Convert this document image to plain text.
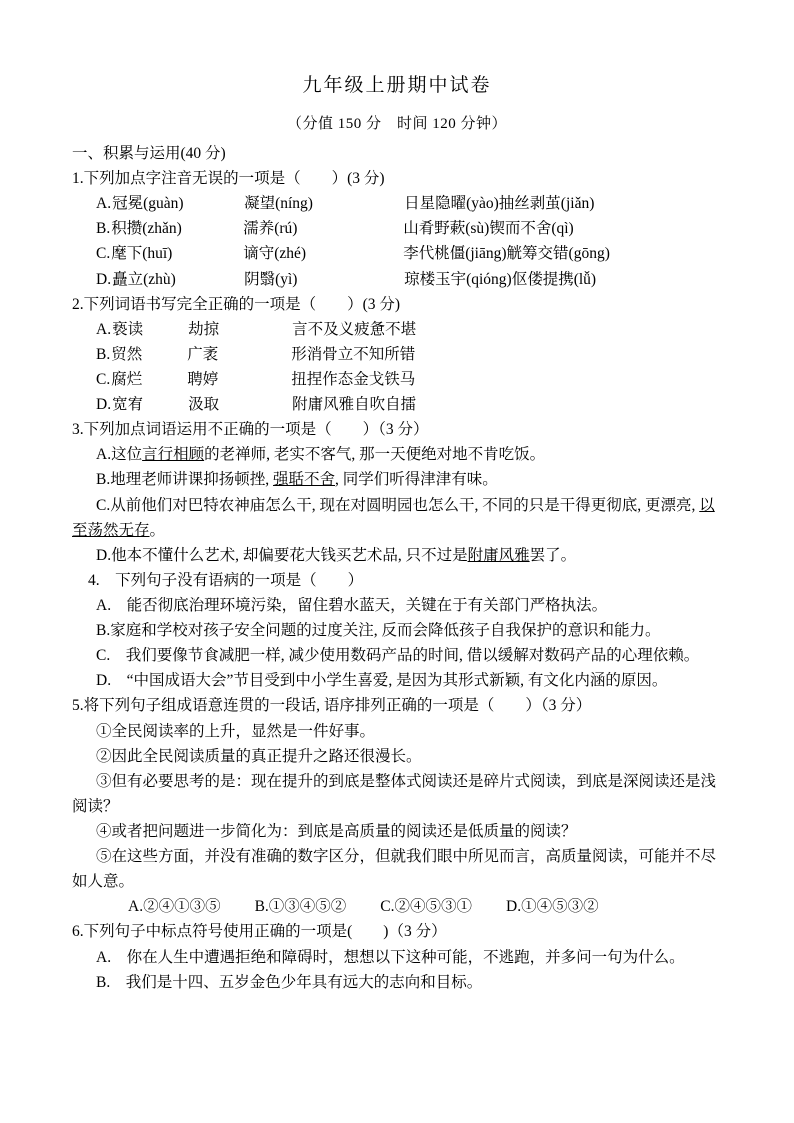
九年级上册期中试卷
（分值 150 分　时间 120 分钟）
一、积累与运用(40 分)
1.下列加点字注音无误的一项是（　　）(3 分)
A. 冠冕(guàn)	凝望(níng)	日星隐曜(yào) 抽丝剥茧(jiǎn)
B. 积攒(zhǎn)	濡养(rú)	山肴野蔌(sù) 锲而不舍(qì)
C. 麾下(huī)	谪守(zhé)	李代桃僵(jiāng) 觥筹交错(gōng)
D. 矗立(zhù)	阴翳(yì)	琼楼玉宇(qióng) 伛偻提携(lǚ)
2.下列词语书写完全正确的一项是（　　）(3 分)
A. 亵读	劫掠	言不及义 疲惫不堪
B. 贸然	广袤	形消骨立 不知所错
C. 腐烂	聘婷	扭捏作态 金戈铁马
D. 宽宥	汲取	附庸风雅 自吹自擂
3.下列加点词语运用不正确的一项是（　　）（3 分）
A.这位言行相顾的老禅师, 老实不客气, 那一天便绝对地不肯吃饭。
B.地理老师讲课抑扬顿挫, 强聒不舍, 同学们听得津津有味。
C.从前他们对巴特农神庙怎么干, 现在对圆明园也怎么干, 不同的只是干得更彻底, 更漂亮, 以至荡然无存。
D.他本不懂什么艺术, 却偏要花大钱买艺术品, 只不过是附庸风雅罢了。
4.　下列句子没有语病的一项是（　　）
A.　能否彻底治理环境污染，留住碧水蓝天，关键在于有关部门严格执法。
B.家庭和学校对孩子安全问题的过度关注, 反而会降低孩子自我保护的意识和能力。
C.　我们要像节食减肥一样, 减少使用数码产品的时间, 借以缓解对数码产品的心理依赖。
D.　“中国成语大会”节目受到中小学生喜爱, 是因为其形式新颖, 有文化内涵的原因。
5.将下列句子组成语意连贯的一段话, 语序排列正确的一项是（　　）（3 分）
①全民阅读率的上升，显然是一件好事。
②因此全民阅读质量的真正提升之路还很漫长。
③但有必要思考的是：现在提升的到底是整体式阅读还是碎片式阅读，到底是深阅读还是浅阅读？
④或者把问题进一步简化为：到底是高质量的阅读还是低质量的阅读？
⑤在这些方面，并没有准确的数字区分，但就我们眼中所见而言，高质量阅读，可能并不尽如人意。
A.②④①③⑤ B.①③④⑤② C.②④⑤③① D.①④⑤③②
6.下列句子中标点符号使用正确的一项是(　　)（3 分）
A.　你在人生中遭遇拒绝和障碍时，想想以下这种可能，不逃跑，并多问一句为什么。
B.　我们是十四、五岁金色少年具有远大的志向和目标。
